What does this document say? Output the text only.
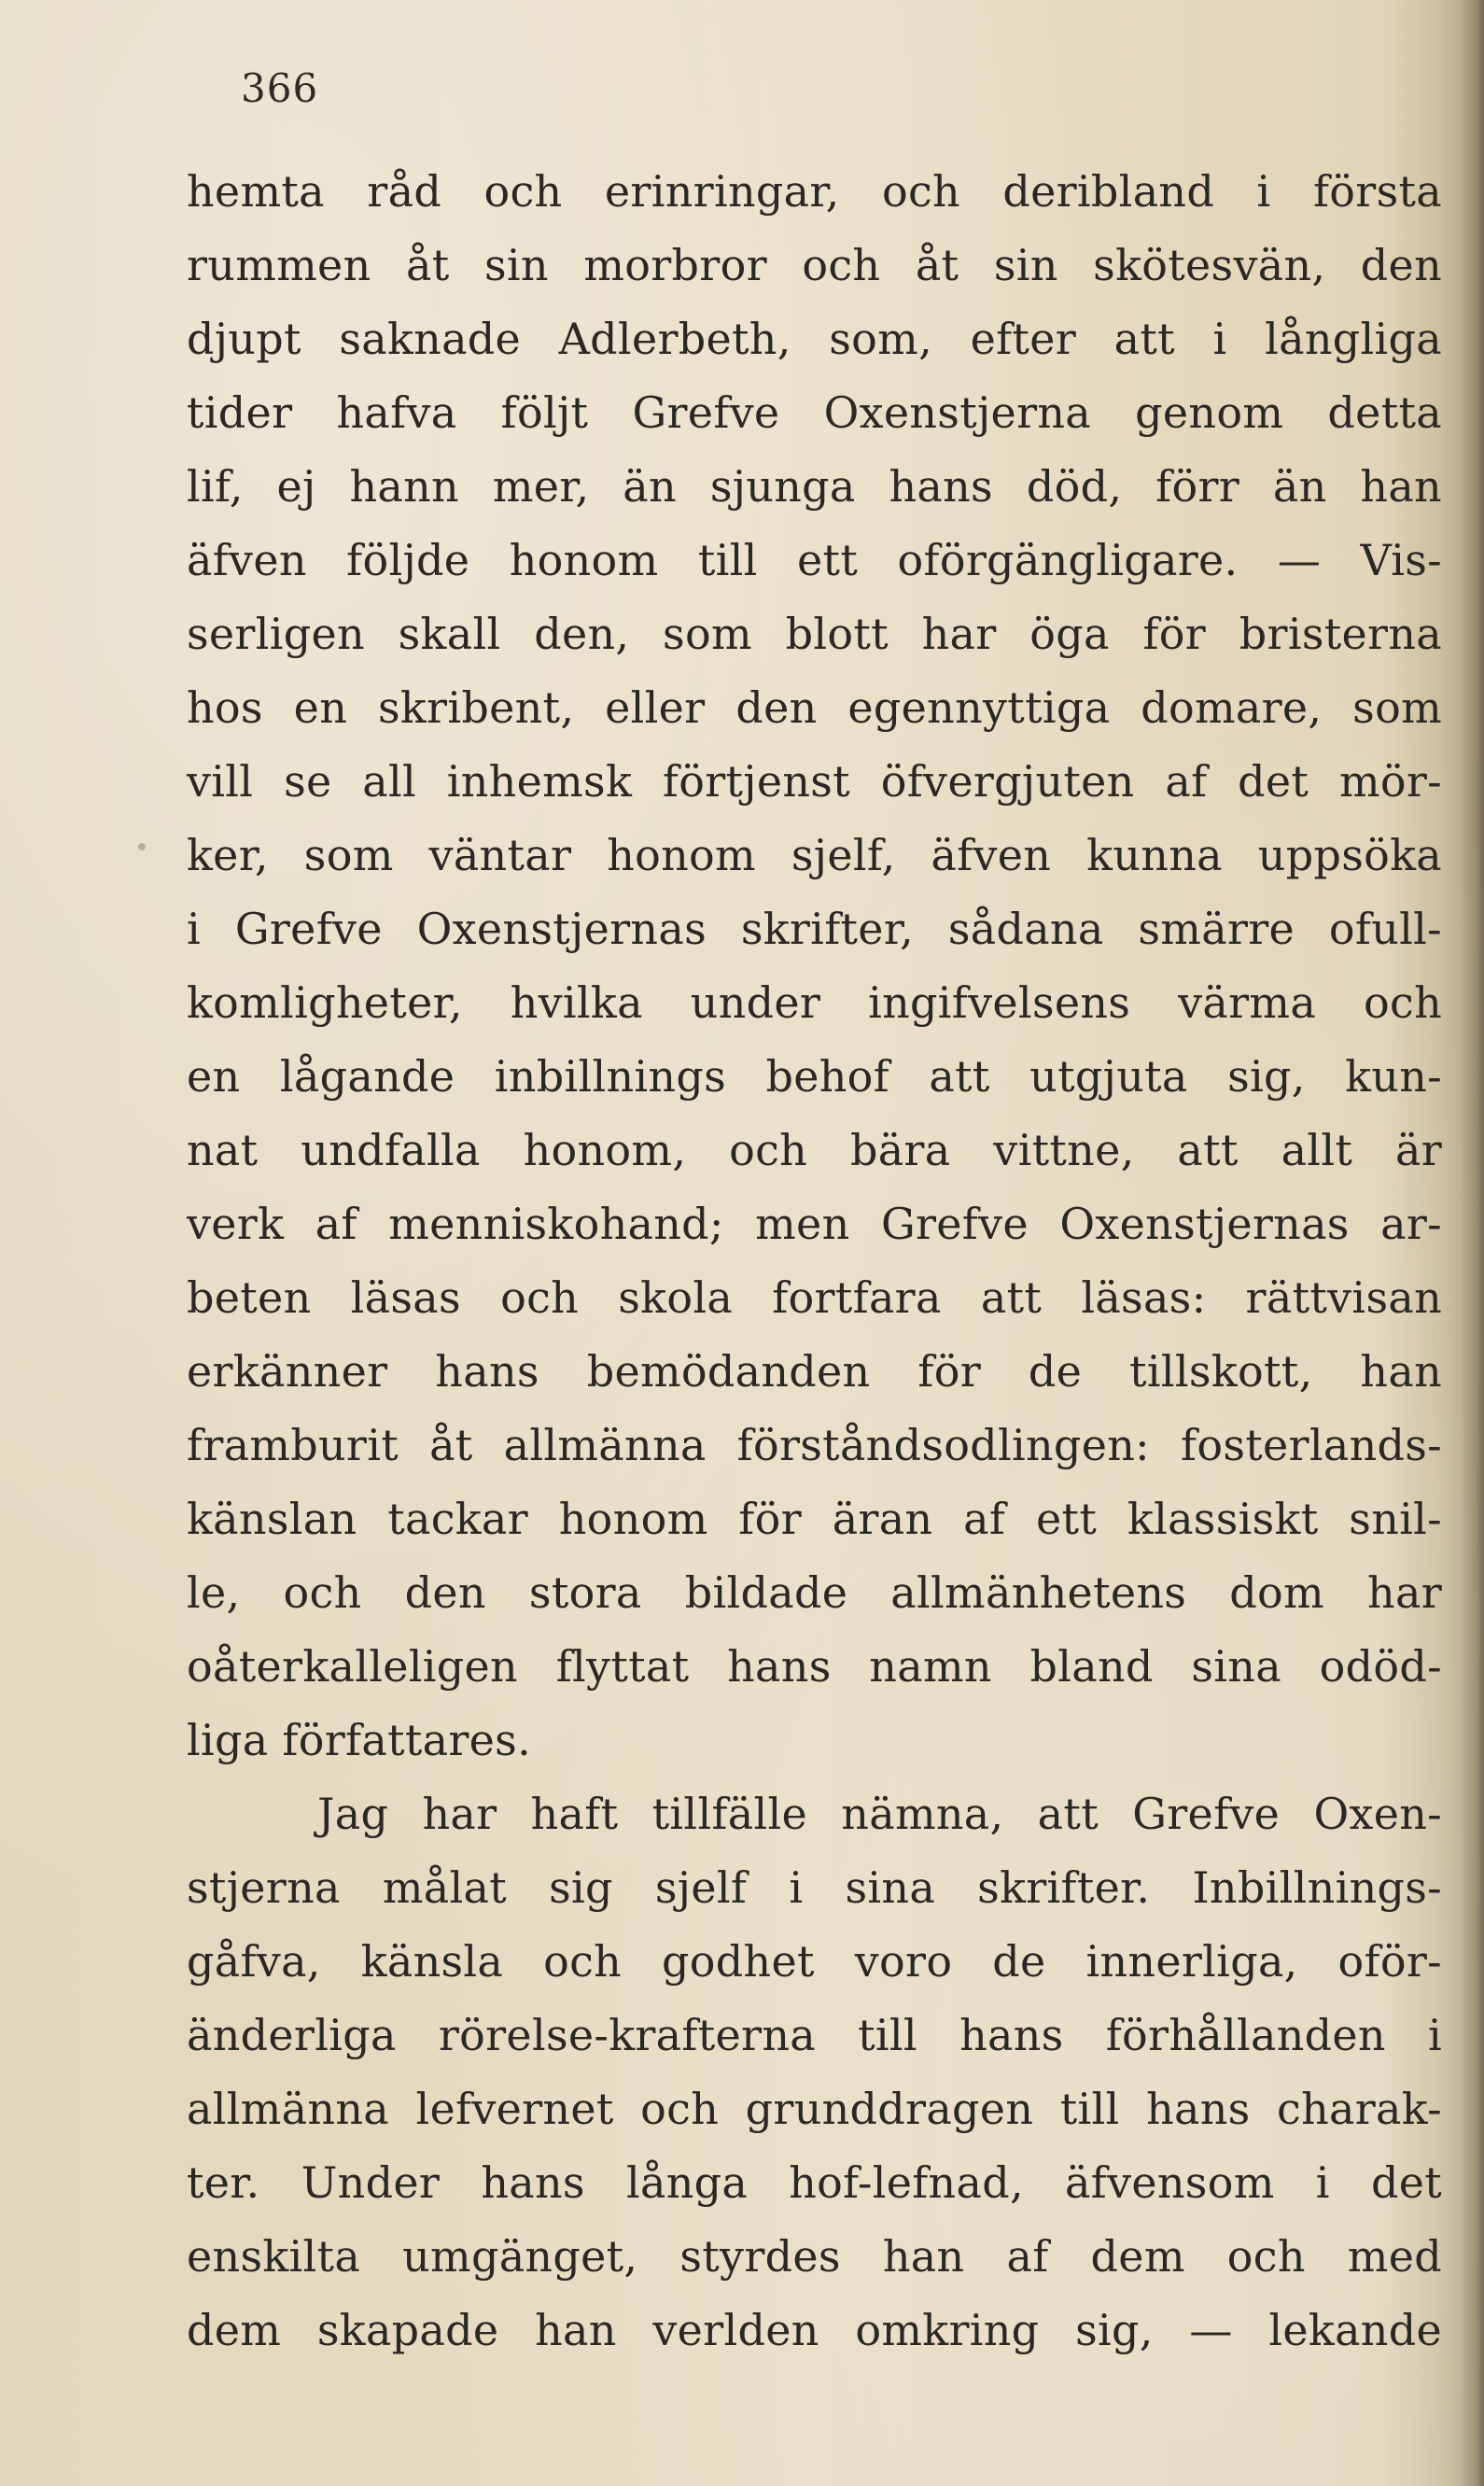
366
hemta råd och erinringar, och deribland i första
rummen åt sin morbror och åt sin skötesvän, den
djupt saknade Adlerbeth, som, efter att i långliga
tider hafva följt Grefve Oxenstjerna genom detta
lif, ej hann mer, än sjunga hans död, förr än han
äfven följde honom till ett oförgängligare. — Vis-
serligen skall den, som blott har öga för bristerna
hos en skribent, eller den egennyttiga domare, som
vill se all inhemsk förtjenst öfvergjuten af det mör-
ker, som väntar honom sjelf, äfven kunna uppsöka
i Grefve Oxenstjernas skrifter, sådana smärre ofull-
komligheter, hvilka under ingifvelsens värma och
en lågande inbillnings behof att utgjuta sig, kun-
nat undfalla honom, och bära vittne, att allt är
verk af menniskohand; men Grefve Oxenstjernas ar-
beten läsas och skola fortfara att läsas: rättvisan
erkänner hans bemödanden för de tillskott, han
framburit åt allmänna förståndsodlingen: fosterlands-
känslan tackar honom för äran af ett klassiskt snil-
le, och den stora bildade allmänhetens dom har
oåterkalleligen flyttat hans namn bland sina odöd-
liga författares.
Jag har haft tillfälle nämna, att Grefve Oxen-
stjerna målat sig sjelf i sina skrifter. Inbillnings-
gåfva, känsla och godhet voro de innerliga, oför-
änderliga rörelse-krafterna till hans förhållanden i
allmänna lefvernet och grunddragen till hans charak-
ter. Under hans långa hof-lefnad, äfvensom i det
enskilta umgänget, styrdes han af dem och med
dem skapade han verlden omkring sig, — lekande
